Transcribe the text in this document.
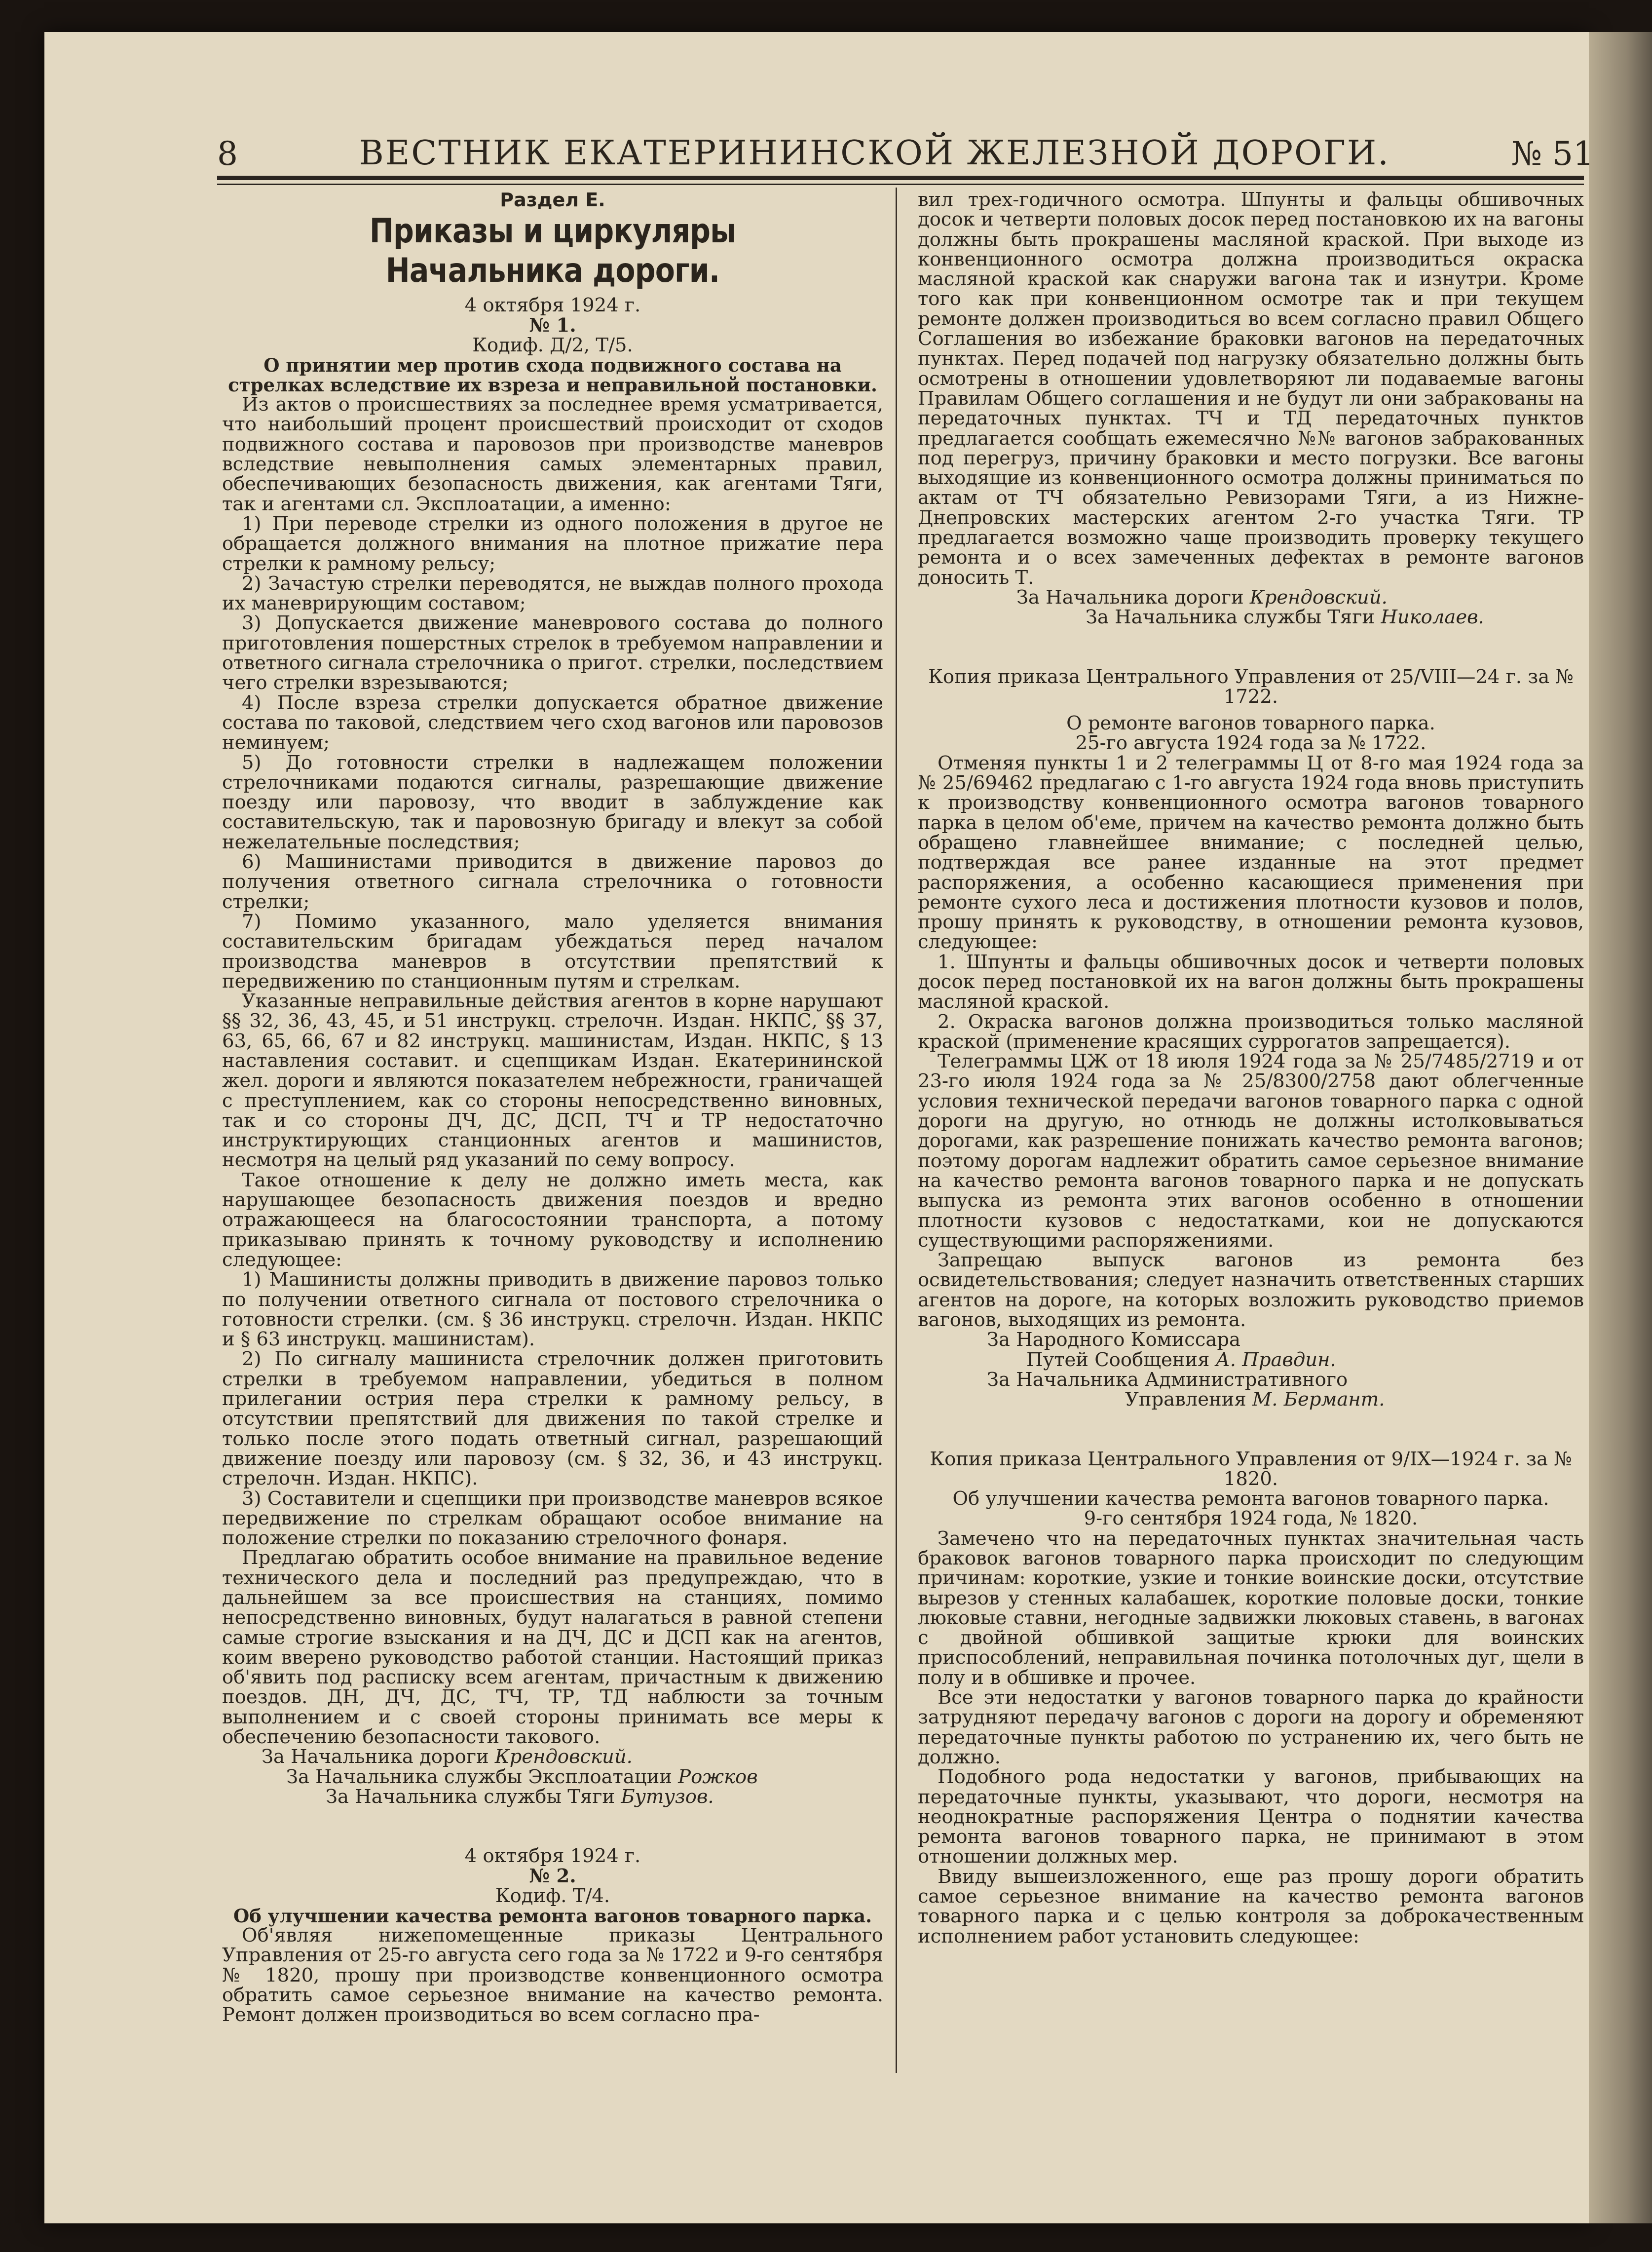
8	ВЕСТНИК ЕКАТЕРИНИНСКОЙ ЖЕЛЕЗНОЙ ДОРОГИ.	№ 51
Раздел Е.
Приказы и циркуляры Начальника дороги.

4 октября 1924 г.

№ 1.

Кодиф. Д/2, Т/5.

О принятии мер против схода подвижного состава на стрелках вследствие их взреза и неправильной постановки.

Из актов о происшествиях за последнее время усматривается, что наибольший процент происшествий происходит от сходов подвижного состава и паровозов при производстве маневров вследствие невыполнения самых элементарных правил, обеспечивающих безопасность движения, как агентами Тяги, так и агентами сл. Эксплоатации, а именно:

1) При переводе стрелки из одного положения в другое не обращается должного внимания на плотное прижатие пера стрелки к рамному рельсу;

2) Зачастую стрелки переводятся, не выждав полного прохода их маневрирующим составом;

3) Допускается движение маневрового состава до полного приготовления пошерстных стрелок в требуемом направлении и ответного сигнала стрелочника о пригот. стрелки, последствием чего стрелки взрезываются;

4) После взреза стрелки допускается обратное движение состава по таковой, следствием чего сход вагонов или паровозов неминуем;

5) До готовности стрелки в надлежащем положении стрелочниками подаются сигналы, разрешающие движение поезду или паровозу, что вводит в заблуждение как составительскую, так и паровозную бригаду и влекут за собой нежелательные последствия;

6) Машинистами приводится в движение паровоз до получения ответного сигнала стрелочника о готовности стрелки;

7) Помимо указанного, мало уделяется внимания составительским бригадам убеждаться перед началом производства маневров в отсутствии препятствий к передвижению по станционным путям и стрелкам.

Указанные неправильные действия агентов в корне нарушают §§ 32, 36, 43, 45, и 51 инструкц. стрелочн. Издан. НКПС, §§ 37, 63, 65, 66, 67 и 82 инструкц. машинистам, Издан. НКПС, § 13 наставления составит. и сцепщикам Издан. Екатерининской жел. дороги и являются показателем небрежности, граничащей с преступлением, как со стороны непосредственно виновных, так и со стороны ДЧ, ДС, ДСП, ТЧ и ТР недостаточно инструктирующих станционных агентов и машинистов, несмотря на целый ряд указаний по сему вопросу.

Такое отношение к делу не должно иметь места, как нарушающее безопасность движения поездов и вредно отражающееся на благосостоянии транспорта, а потому приказываю принять к точному руководству и исполнению следующее:

1) Машинисты должны приводить в движение паровоз только по получении ответного сигнала от постового стрелочника о готовности стрелки. (см. § 36 инструкц. стрелочн. Издан. НКПС и § 63 инструкц. машинистам).

2) По сигналу машиниста стрелочник должен приготовить стрелки в требуемом направлении, убедиться в полном прилегании острия пера стрелки к рамному рельсу, в отсутствии препятствий для движения по такой стрелке и только после этого подать ответный сигнал, разрешающий движение поезду или паровозу (см. § 32, 36, и 43 инструкц. стрелочн. Издан. НКПС).

3) Составители и сцепщики при производстве маневров всякое передвижение по стрелкам обращают особое внимание на положение стрелки по показанию стрелочного фонаря.

Предлагаю обратить особое внимание на правильное ведение технического дела и последний раз предупреждаю, что в дальнейшем за все происшествия на станциях, помимо непосредственно виновных, будут налагаться в равной степени самые строгие взыскания и на ДЧ, ДС и ДСП как на агентов, коим вверено руководство работой станции. Настоящий приказ об'явить под расписку всем агентам, причастным к движению поездов. ДН, ДЧ, ДС, ТЧ, ТР, ТД наблюсти за точным выполнением и с своей стороны принимать все меры к обеспечению безопасности такового.

За Начальника дороги Крендовский.

За Начальника службы Эксплоатации Рожков

За Начальника службы Тяги Бутузов.

4 октября 1924 г.

№ 2.

Кодиф. Т/4.

Об улучшении качества ремонта вагонов товарного парка.

Об'являя нижепомещенные приказы Центрального Управления от 25-го августа сего года за № 1722 и 9-го сентября № 1820, прошу при производстве конвенционного осмотра обратить самое серьезное внимание на качество ремонта. Ремонт должен производиться во всем согласно пра-

вил трех-годичного осмотра. Шпунты и фальцы обшивочных досок и четверти половых досок перед постановкою их на вагоны должны быть прокрашены масляной краской. При выходе из конвенционного осмотра должна производиться окраска масляной краской как снаружи вагона так и изнутри. Кроме того как при конвенционном осмотре так и при текущем ремонте должен производиться во всем согласно правил Общего Соглашения во избежание браковки вагонов на передаточных пунктах. Перед подачей под нагрузку обязательно должны быть осмотрены в отношении удовлетворяют ли подаваемые вагоны Правилам Общего соглашения и не будут ли они забракованы на передаточных пунктах. ТЧ и ТД передаточных пунктов предлагается сообщать ежемесячно №№ вагонов забракованных под перегруз, причину браковки и место погрузки. Все вагоны выходящие из конвенционного осмотра должны приниматься по актам от ТЧ обязательно Ревизорами Тяги, а из Нижне-Днепровских мастерских агентом 2-го участка Тяги. ТР предлагается возможно чаще производить проверку текущего ремонта и о всех замеченных дефектах в ремонте вагонов доносить Т.

За Начальника дороги Крендовский.

За Начальника службы Тяги Николаев.

Копия приказа Центрального Управления от 25/VIII—24 г. за № 1722.

О ремонте вагонов товарного парка.

25-го августа 1924 года за № 1722.

Отменяя пункты 1 и 2 телеграммы Ц от 8-го мая 1924 года за № 25/69462 предлагаю с 1-го августа 1924 года вновь приступить к производству конвенционного осмотра вагонов товарного парка в целом об'еме, причем на качество ремонта должно быть обращено главнейшее внимание; с последней целью, подтверждая все ранее изданные на этот предмет распоряжения, а особенно касающиеся применения при ремонте сухого леса и достижения плотности кузовов и полов, прошу принять к руководству, в отношении ремонта кузовов, следующее:

1. Шпунты и фальцы обшивочных досок и четверти половых досок перед постановкой их на вагон должны быть прокрашены масляной краской.

2. Окраска вагонов должна производиться только масляной краской (применение красящих суррогатов запрещается).

Телеграммы ЦЖ от 18 июля 1924 года за № 25/7485/2719 и от 23-го июля 1924 года за № 25/8300/2758 дают облегченные условия технической передачи вагонов товарного парка с одной дороги на другую, но отнюдь не должны истолковываться дорогами, как разрешение понижать качество ремонта вагонов; поэтому дорогам надлежит обратить самое серьезное внимание на качество ремонта вагонов товарного парка и не допускать выпуска из ремонта этих вагонов особенно в отношении плотности кузовов с недостатками, кои не допускаются существующими распоряжениями.

Запрещаю выпуск вагонов из ремонта без освидетельствования; следует назначить ответственных старших агентов на дороге, на которых возложить руководство приемов вагонов, выходящих из ремонта.

За Народного Комиссара

Путей Сообщения А. Правдин.

За Начальника Административного

Управления М. Бермант.

Копия приказа Центрального Управления от 9/IX—1924 г. за № 1820.

Об улучшении качества ремонта вагонов товарного парка.

9-го сентября 1924 года, № 1820.

Замечено что на передаточных пунктах значительная часть браковок вагонов товарного парка происходит по следующим причинам: короткие, узкие и тонкие воинские доски, отсутствие вырезов у стенных калабашек, короткие половые доски, тонкие люковые ставни, негодные задвижки люковых ставень, в вагонах с двойной обшивкой защитые крюки для воинских приспособлений, неправильная починка потолочных дуг, щели в полу и в обшивке и прочее.

Все эти недостатки у вагонов товарного парка до крайности затрудняют передачу вагонов с дороги на дорогу и обременяют передаточные пункты работою по устранению их, чего быть не должно.

Подобного рода недостатки у вагонов, прибывающих на передаточные пункты, указывают, что дороги, несмотря на неоднократные распоряжения Центра о поднятии качества ремонта вагонов товарного парка, не принимают в этом отношении должных мер.

Ввиду вышеизложенного, еще раз прошу дороги обратить самое серьезное внимание на качество ремонта вагонов товарного парка и с целью контроля за доброкачественным исполнением работ установить следующее:
